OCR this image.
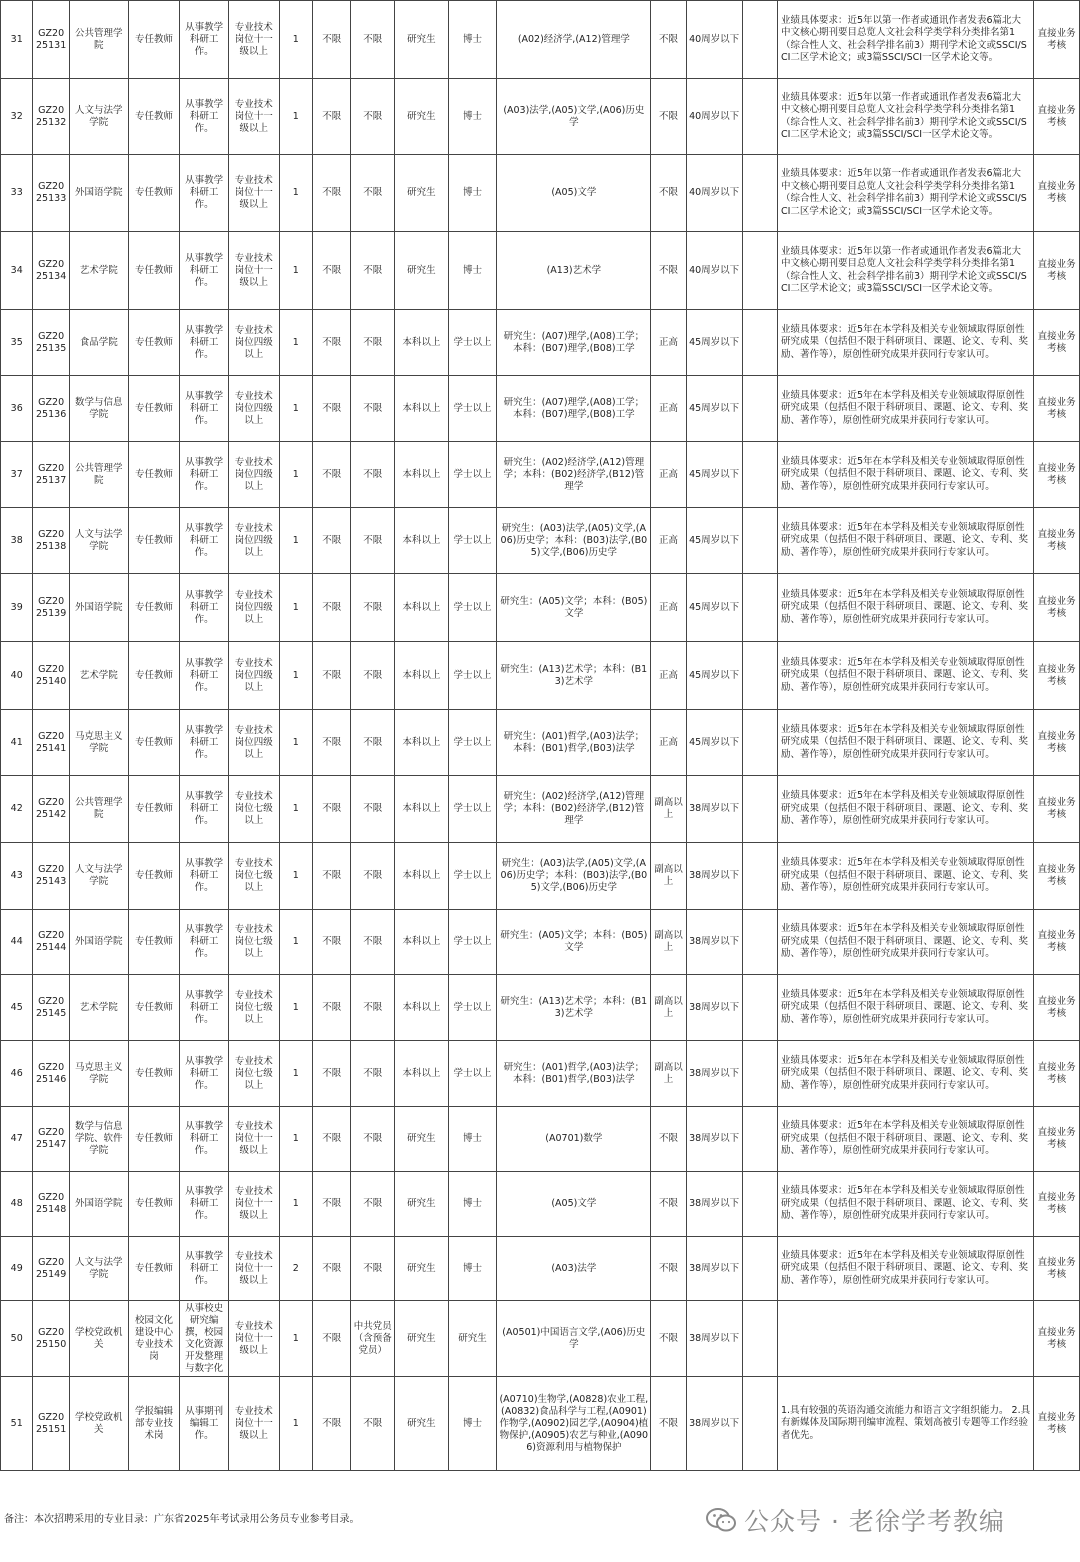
31	GZ2025131	公共管理学院	专任教师	从事教学科研工作。	专业技术岗位十一级以上	1	不限	不限	研究生	博士	(A02)经济学,(A12)管理学	不限	40周岁以下		业绩具体要求：近5年以第一作者或通讯作者发表6篇北大中文核心期刊要目总览人文社会科学类学科分类排名第1（综合性人文、社会科学排名前3）期刊学术论文或SSCI/SCI二区学术论文；或3篇SSCI/SCI一区学术论文等。	直接业务考核
32	GZ2025132	人文与法学学院	专任教师	从事教学科研工作。	专业技术岗位十一级以上	1	不限	不限	研究生	博士	(A03)法学,(A05)文学,(A06)历史学	不限	40周岁以下		业绩具体要求：近5年以第一作者或通讯作者发表6篇北大中文核心期刊要目总览人文社会科学类学科分类排名第1（综合性人文、社会科学排名前3）期刊学术论文或SSCI/SCI二区学术论文；或3篇SSCI/SCI一区学术论文等。	直接业务考核
33	GZ2025133	外国语学院	专任教师	从事教学科研工作。	专业技术岗位十一级以上	1	不限	不限	研究生	博士	(A05)文学	不限	40周岁以下		业绩具体要求：近5年以第一作者或通讯作者发表6篇北大中文核心期刊要目总览人文社会科学类学科分类排名第1（综合性人文、社会科学排名前3）期刊学术论文或SSCI/SCI二区学术论文；或3篇SSCI/SCI一区学术论文等。	直接业务考核
34	GZ2025134	艺术学院	专任教师	从事教学科研工作。	专业技术岗位十一级以上	1	不限	不限	研究生	博士	(A13)艺术学	不限	40周岁以下		业绩具体要求：近5年以第一作者或通讯作者发表6篇北大中文核心期刊要目总览人文社会科学类学科分类排名第1（综合性人文、社会科学排名前3）期刊学术论文或SSCI/SCI二区学术论文；或3篇SSCI/SCI一区学术论文等。	直接业务考核
35	GZ2025135	食品学院	专任教师	从事教学科研工作。	专业技术岗位四级以上	1	不限	不限	本科以上	学士以上	研究生：(A07)理学,(A08)工学；本科：(B07)理学,(B08)工学	正高	45周岁以下		业绩具体要求：近5年在本学科及相关专业领域取得原创性研究成果（包括但不限于科研项目、课题、论文、专利、奖励、著作等），原创性研究成果并获同行专家认可。	直接业务考核
36	GZ2025136	数学与信息学院	专任教师	从事教学科研工作。	专业技术岗位四级以上	1	不限	不限	本科以上	学士以上	研究生：(A07)理学,(A08)工学；本科：(B07)理学,(B08)工学	正高	45周岁以下		业绩具体要求：近5年在本学科及相关专业领域取得原创性研究成果（包括但不限于科研项目、课题、论文、专利、奖励、著作等），原创性研究成果并获同行专家认可。	直接业务考核
37	GZ2025137	公共管理学院	专任教师	从事教学科研工作。	专业技术岗位四级以上	1	不限	不限	本科以上	学士以上	研究生：(A02)经济学,(A12)管理学；本科：(B02)经济学,(B12)管理学	正高	45周岁以下		业绩具体要求：近5年在本学科及相关专业领域取得原创性研究成果（包括但不限于科研项目、课题、论文、专利、奖励、著作等），原创性研究成果并获同行专家认可。	直接业务考核
38	GZ2025138	人文与法学学院	专任教师	从事教学科研工作。	专业技术岗位四级以上	1	不限	不限	本科以上	学士以上	研究生：(A03)法学,(A05)文学,(A06)历史学；本科：(B03)法学,(B05)文学,(B06)历史学	正高	45周岁以下		业绩具体要求：近5年在本学科及相关专业领域取得原创性研究成果（包括但不限于科研项目、课题、论文、专利、奖励、著作等），原创性研究成果并获同行专家认可。	直接业务考核
39	GZ2025139	外国语学院	专任教师	从事教学科研工作。	专业技术岗位四级以上	1	不限	不限	本科以上	学士以上	研究生：(A05)文学；本科：(B05)文学	正高	45周岁以下		业绩具体要求：近5年在本学科及相关专业领域取得原创性研究成果（包括但不限于科研项目、课题、论文、专利、奖励、著作等），原创性研究成果并获同行专家认可。	直接业务考核
40	GZ2025140	艺术学院	专任教师	从事教学科研工作。	专业技术岗位四级以上	1	不限	不限	本科以上	学士以上	研究生：(A13)艺术学；本科：(B13)艺术学	正高	45周岁以下		业绩具体要求：近5年在本学科及相关专业领域取得原创性研究成果（包括但不限于科研项目、课题、论文、专利、奖励、著作等），原创性研究成果并获同行专家认可。	直接业务考核
41	GZ2025141	马克思主义学院	专任教师	从事教学科研工作。	专业技术岗位四级以上	1	不限	不限	本科以上	学士以上	研究生：(A01)哲学,(A03)法学；本科：(B01)哲学,(B03)法学	正高	45周岁以下		业绩具体要求：近5年在本学科及相关专业领域取得原创性研究成果（包括但不限于科研项目、课题、论文、专利、奖励、著作等），原创性研究成果并获同行专家认可。	直接业务考核
42	GZ2025142	公共管理学院	专任教师	从事教学科研工作。	专业技术岗位七级以上	1	不限	不限	本科以上	学士以上	研究生：(A02)经济学,(A12)管理学；本科：(B02)经济学,(B12)管理学	副高以上	38周岁以下		业绩具体要求：近5年在本学科及相关专业领域取得原创性研究成果（包括但不限于科研项目、课题、论文、专利、奖励、著作等），原创性研究成果并获同行专家认可。	直接业务考核
43	GZ2025143	人文与法学学院	专任教师	从事教学科研工作。	专业技术岗位七级以上	1	不限	不限	本科以上	学士以上	研究生：(A03)法学,(A05)文学,(A06)历史学；本科：(B03)法学,(B05)文学,(B06)历史学	副高以上	38周岁以下		业绩具体要求：近5年在本学科及相关专业领域取得原创性研究成果（包括但不限于科研项目、课题、论文、专利、奖励、著作等），原创性研究成果并获同行专家认可。	直接业务考核
44	GZ2025144	外国语学院	专任教师	从事教学科研工作。	专业技术岗位七级以上	1	不限	不限	本科以上	学士以上	研究生：(A05)文学；本科：(B05)文学	副高以上	38周岁以下		业绩具体要求：近5年在本学科及相关专业领域取得原创性研究成果（包括但不限于科研项目、课题、论文、专利、奖励、著作等），原创性研究成果并获同行专家认可。	直接业务考核
45	GZ2025145	艺术学院	专任教师	从事教学科研工作。	专业技术岗位七级以上	1	不限	不限	本科以上	学士以上	研究生：(A13)艺术学；本科：(B13)艺术学	副高以上	38周岁以下		业绩具体要求：近5年在本学科及相关专业领域取得原创性研究成果（包括但不限于科研项目、课题、论文、专利、奖励、著作等），原创性研究成果并获同行专家认可。	直接业务考核
46	GZ2025146	马克思主义学院	专任教师	从事教学科研工作。	专业技术岗位七级以上	1	不限	不限	本科以上	学士以上	研究生：(A01)哲学,(A03)法学；本科：(B01)哲学,(B03)法学	副高以上	38周岁以下		业绩具体要求：近5年在本学科及相关专业领域取得原创性研究成果（包括但不限于科研项目、课题、论文、专利、奖励、著作等），原创性研究成果并获同行专家认可。	直接业务考核
47	GZ2025147	数学与信息学院、软件学院	专任教师	从事教学科研工作。	专业技术岗位十一级以上	1	不限	不限	研究生	博士	(A0701)数学	不限	38周岁以下		业绩具体要求：近5年在本学科及相关专业领域取得原创性研究成果（包括但不限于科研项目、课题、论文、专利、奖励、著作等），原创性研究成果并获同行专家认可。	直接业务考核
48	GZ2025148	外国语学院	专任教师	从事教学科研工作。	专业技术岗位十一级以上	1	不限	不限	研究生	博士	(A05)文学	不限	38周岁以下		业绩具体要求：近5年在本学科及相关专业领域取得原创性研究成果（包括但不限于科研项目、课题、论文、专利、奖励、著作等），原创性研究成果并获同行专家认可。	直接业务考核
49	GZ2025149	人文与法学学院	专任教师	从事教学科研工作。	专业技术岗位十一级以上	2	不限	不限	研究生	博士	(A03)法学	不限	38周岁以下		业绩具体要求：近5年在本学科及相关专业领域取得原创性研究成果（包括但不限于科研项目、课题、论文、专利、奖励、著作等），原创性研究成果并获同行专家认可。	直接业务考核
50	GZ2025150	学校党政机关	校园文化建设中心专业技术岗	从事校史研究编撰，校园文化资源开发整理与数字化	专业技术岗位十一级以上	1	不限	中共党员（含预备党员）	研究生	研究生	(A0501)中国语言文学,(A06)历史学	不限	38周岁以下			直接业务考核
51	GZ2025151	学校党政机关	学报编辑部专业技术岗	从事期刊编辑工作。	专业技术岗位十一级以上	1	不限	不限	研究生	博士	(A0710)生物学,(A0828)农业工程,(A0832)食品科学与工程,(A0901)作物学,(A0902)园艺学,(A0904)植物保护,(A0905)农艺与种业,(A0906)资源利用与植物保护	不限	38周岁以下		1.具有较强的英语沟通交流能力和语言文字组织能力。 2.具有新媒体及国际期刊编审流程、策划高被引专题等工作经验者优先。	直接业务考核
备注：本次招聘采用的专业目录：广东省2025年考试录用公务员专业参考目录。	公众号 · 老徐学考教编
